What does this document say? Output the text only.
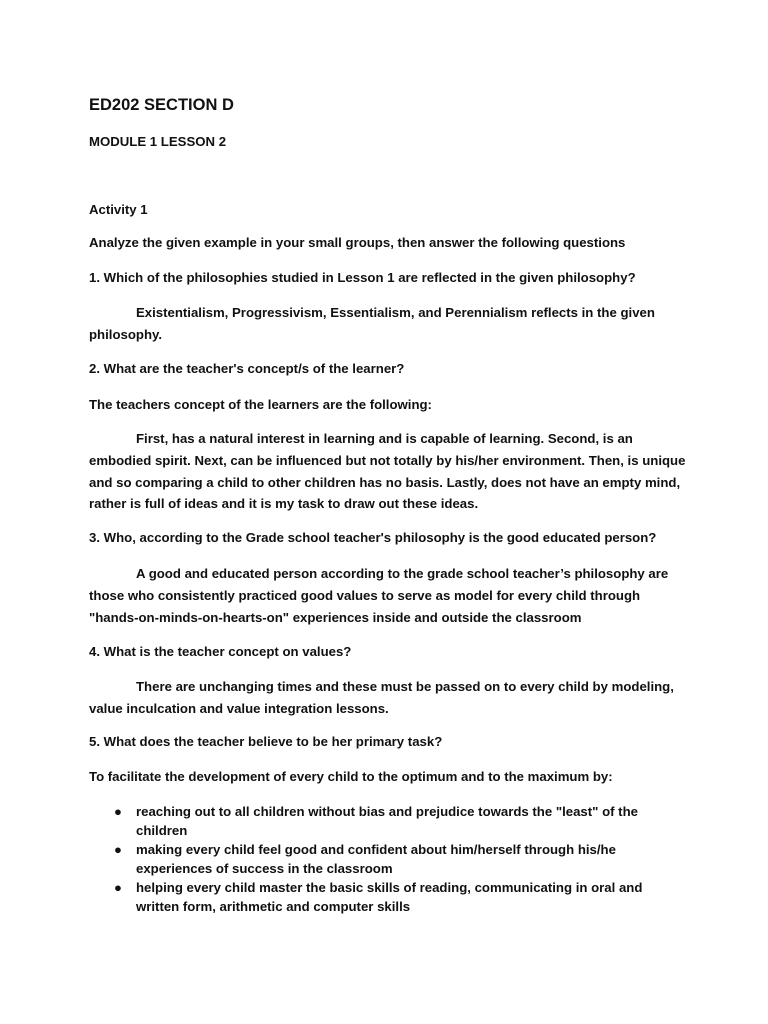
ED202 SECTION D
MODULE 1 LESSON 2
Activity 1
Analyze the given example in your small groups, then answer the following questions
1. Which of the philosophies studied in Lesson 1 are reflected in the given philosophy?
Existentialism, Progressivism, Essentialism, and Perennialism reflects in the given philosophy.
2. What are the teacher's concept/s of the learner?
The teachers concept of the learners are the following:
First, has a natural interest in learning and is capable of learning. Second, is an embodied spirit. Next, can be influenced but not totally by his/her environment. Then, is unique and so comparing a child to other children has no basis. Lastly, does not have an empty mind, rather is full of ideas and it is my task to draw out these ideas.
3. Who, according to the Grade school teacher's philosophy is the good educated person?
A good and educated person according to the grade school teacher’s philosophy are those who consistently practiced good values to serve as model for every child through "hands-on-minds-on-hearts-on" experiences inside and outside the classroom
4. What is the teacher concept on values?
There are unchanging times and these must be passed on to every child by modeling, value inculcation and value integration lessons.
5. What does the teacher believe to be her primary task?
To facilitate the development of every child to the optimum and to the maximum by:
● reaching out to all children without bias and prejudice towards the "least" of the children
● making every child feel good and confident about him/herself through his/he experiences of success in the classroom
● helping every child master the basic skills of reading, communicating in oral and written form, arithmetic and computer skills
